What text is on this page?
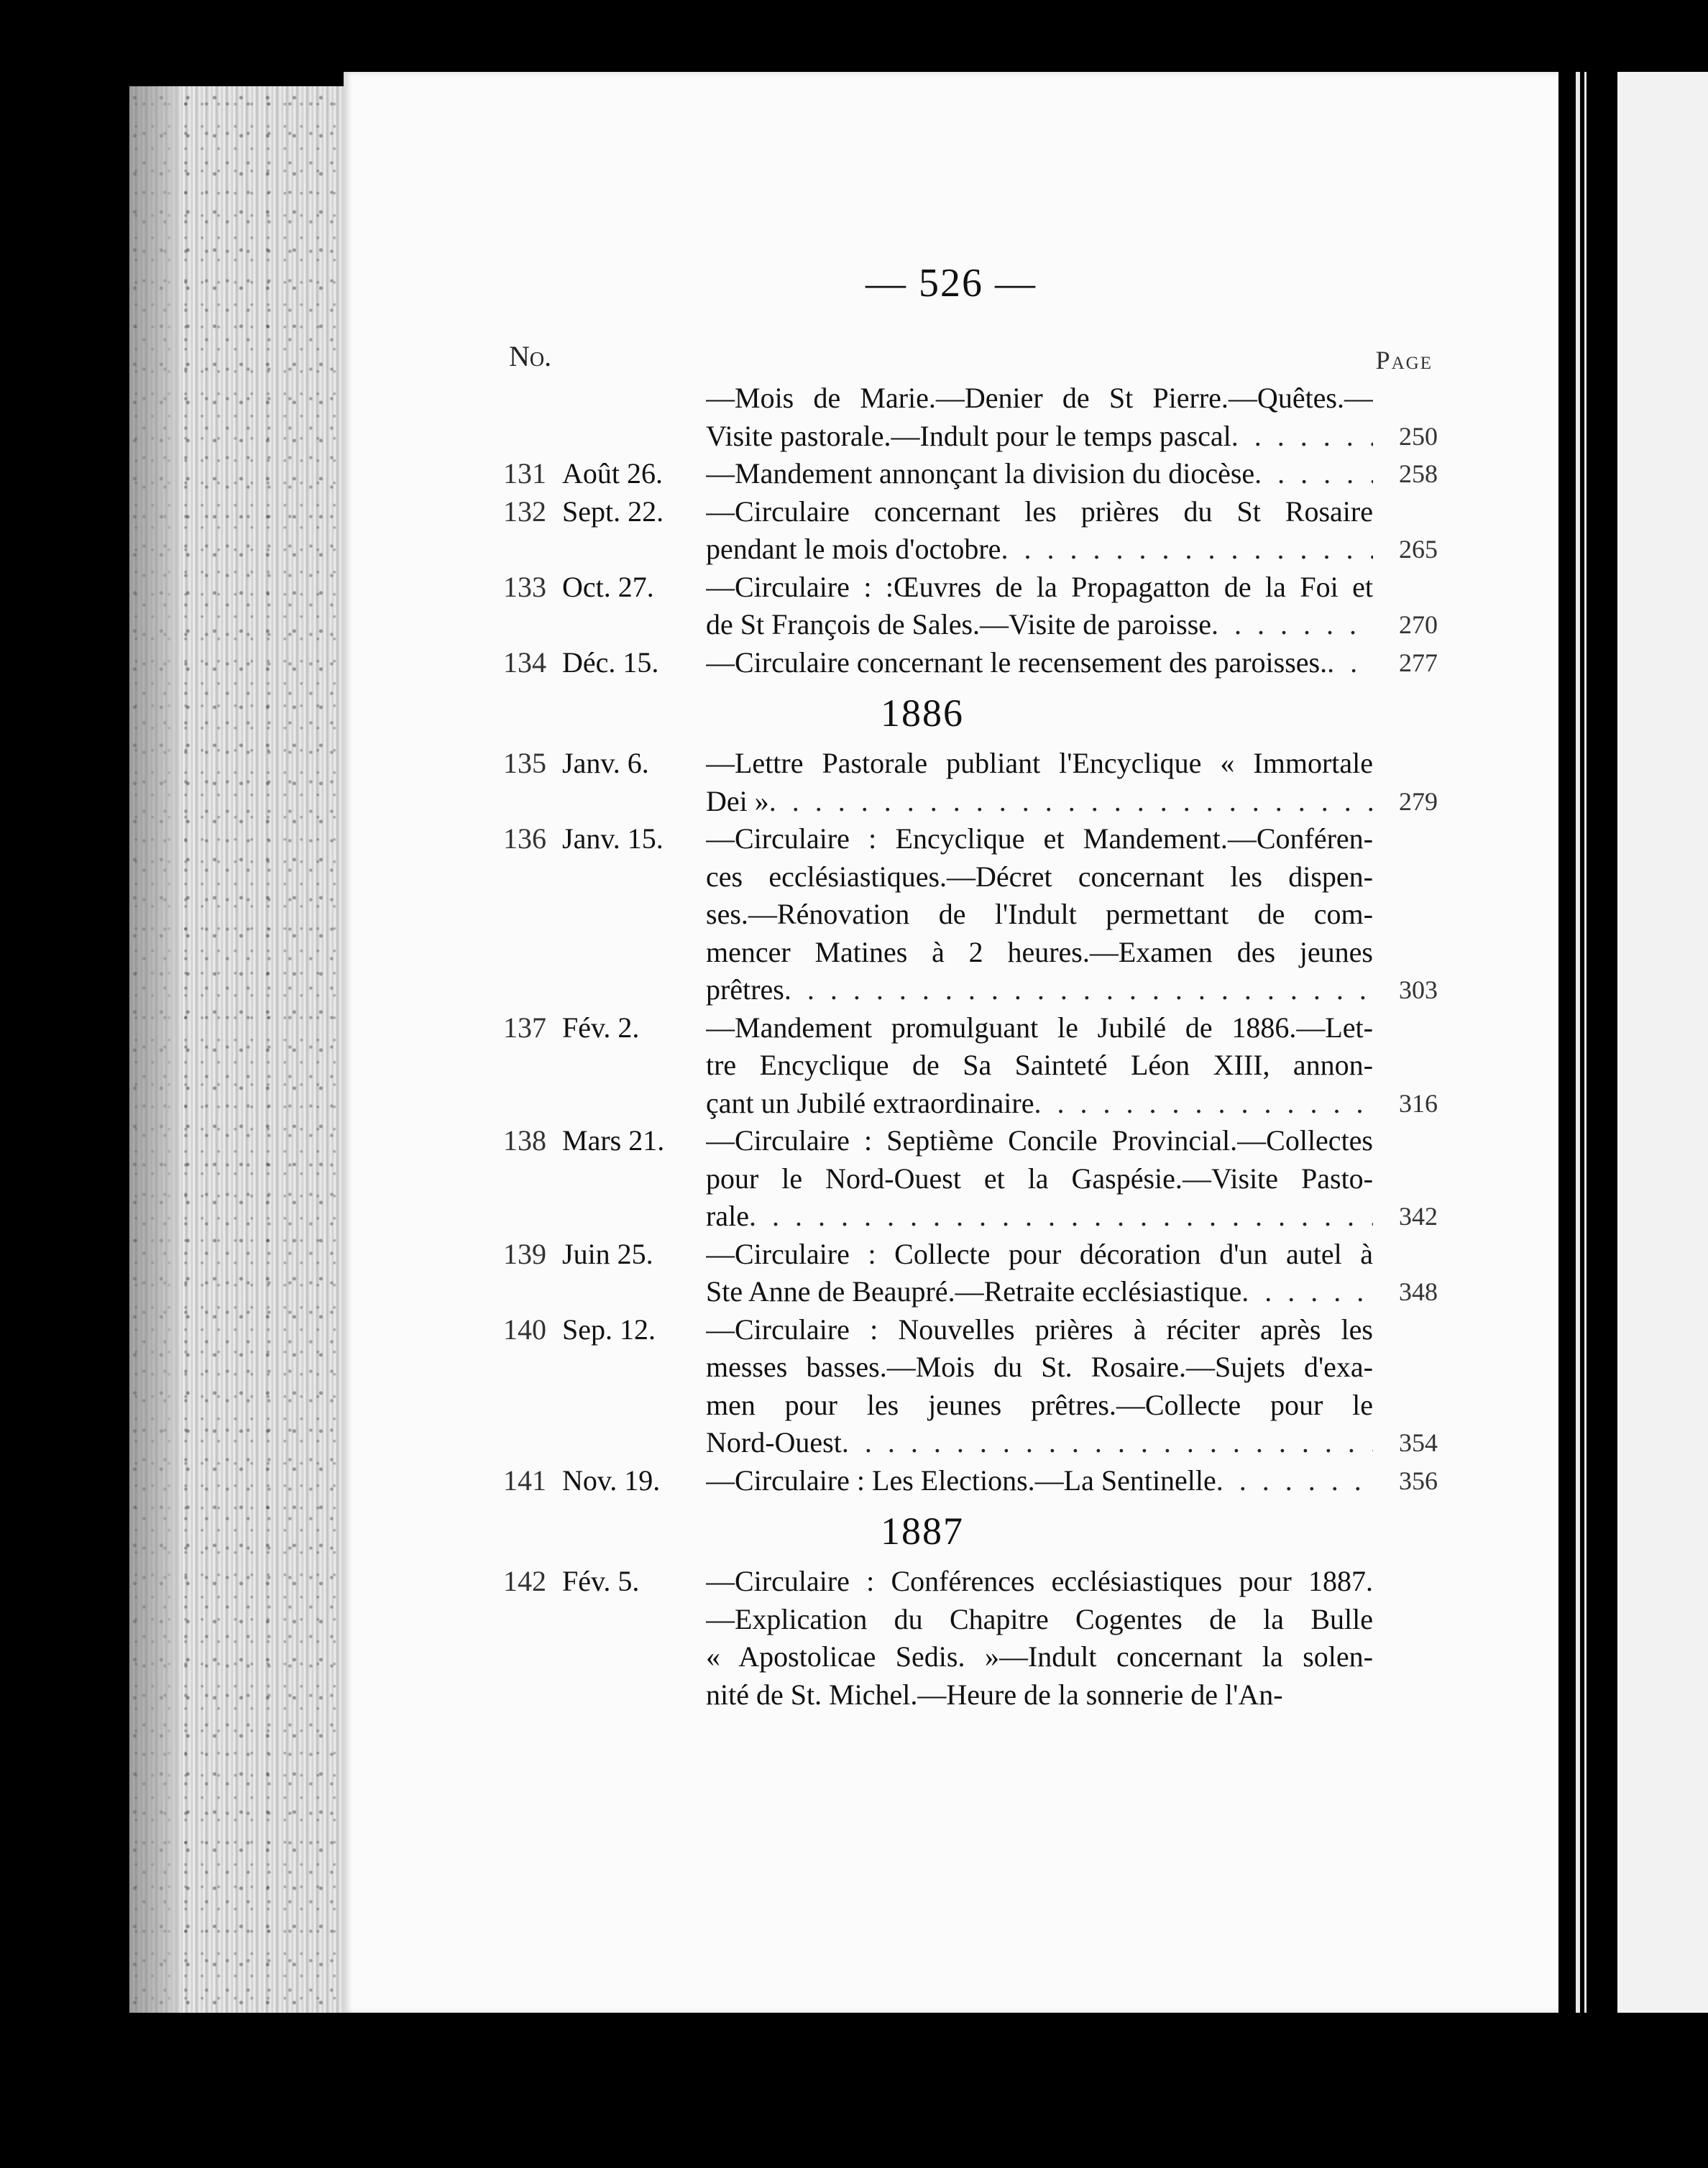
— 526 —
No.	Page
—Mois de Marie.—Denier de St Pierre.—Quêtes.—
Visite pastorale.—Indult pour le temps pascal . . .	250
131 Août 26.	—Mandement annonçant la division du diocèse . . .	258
132 Sept. 22.	—Circulaire concernant les prières du St Rosaire
pendant le mois d'octobre . . .	265
133 Oct. 27.	—Circulaire : :Œuvres de la Propagatton de la Foi et
de St François de Sales.—Visite de paroisse . . .	270
134 Déc. 15.	—Circulaire concernant le recensement des paroisses. . . .	277
1886
135 Janv. 6.	—Lettre Pastorale publiant l'Encyclique « Immortale
Dei » . . .	279
136 Janv. 15.	—Circulaire : Encyclique et Mandement.—Conféren-
ces ecclésiastiques.—Décret concernant les dispen-
ses.—Rénovation de l'Indult permettant de com-
mencer Matines à 2 heures.—Examen des jeunes
prêtres . . .	303
137 Fév. 2.	—Mandement promulguant le Jubilé de 1886.—Let-
tre Encyclique de Sa Sainteté Léon XIII, annon-
çant un Jubilé extraordinaire . . .	316
138 Mars 21.	—Circulaire : Septième Concile Provincial.—Collectes
pour le Nord-Ouest et la Gaspésie.—Visite Pasto-
rale . . .	342
139 Juin 25.	—Circulaire : Collecte pour décoration d'un autel à
Ste Anne de Beaupré.—Retraite ecclésiastique . . .	348
140 Sep. 12.	—Circulaire : Nouvelles prières à réciter après les
messes basses.—Mois du St. Rosaire.—Sujets d'exa-
men pour les jeunes prêtres.—Collecte pour le
Nord-Ouest . . .	354
141 Nov. 19.	—Circulaire : Les Elections.—La Sentinelle . . .	356
1887
142 Fév. 5.	—Circulaire : Conférences ecclésiastiques pour 1887.
—Explication du Chapitre Cogentes de la Bulle
« Apostolicae Sedis. »—Indult concernant la solen-
nité de St. Michel.—Heure de la sonnerie de l'An-
